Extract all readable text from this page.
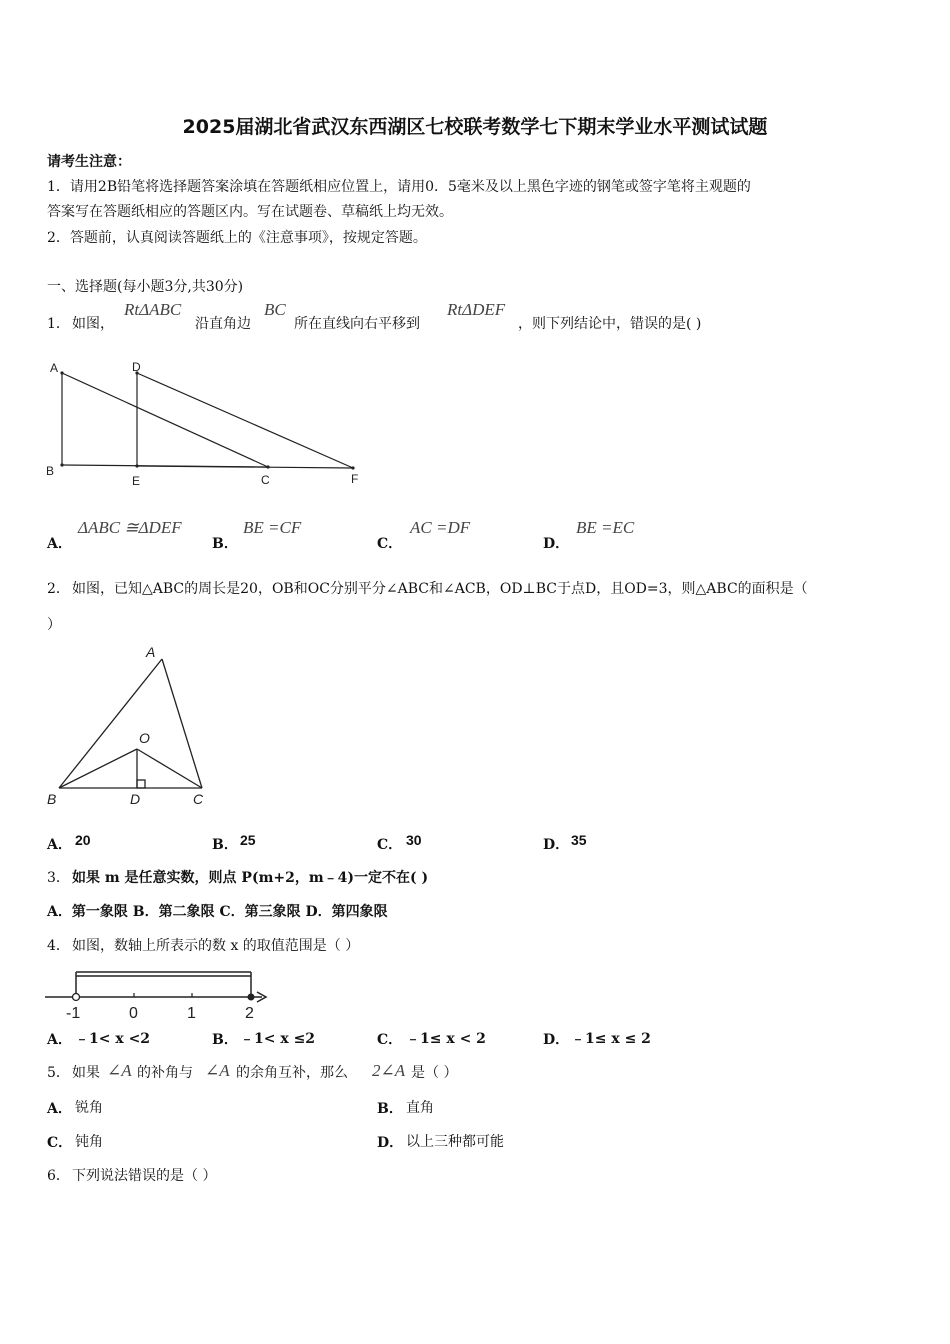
2025届湖北省武汉东西湖区七校联考数学七下期末学业水平测试试题
请考生注意：
1．请用2B铅笔将选择题答案涂填在答题纸相应位置上，请用0．5毫米及以上黑色字迹的钢笔或签字笔将主观题的
答案写在答题纸相应的答题区内。写在试题卷、草稿纸上均无效。
2．答题前，认真阅读答题纸上的《注意事项》，按规定答题。
一、选择题(每小题3分,共30分)
1． 如图，
RtΔABC
沿直角边
BC
所在直线向右平移到
RtΔDEF
，则下列结论中，错误的是( )
A	D
B
E	C	F
A．
ΔABC ≅ΔDEF
B．
BE =CF
C．
AC =DF
D．
BE =EC
2． 如图，已知△ABC的周长是20，OB和OC分别平分∠ABC和∠ACB，OD⊥BC于点D，且OD=3，则△ABC的面积是（
）
A
O
B	D	C
A． 20	B． 25	C． 30	D． 35
3． 如果 m 是任意实数，则点 P(m+2，m﹣4)一定不在( )
A．第一象限 B．第二象限 C．第三象限 D．第四象限
4． 如图，数轴上所表示的数 x 的取值范围是（ ）
-1	0	1	2
A． ﹣1< x <2	B． ﹣1< x ≤2	C． ﹣1≤ x < 2	D． ﹣1≤ x ≤ 2
5． 如果 ∠A 的补角与 ∠A 的余角互补，那么 2∠A 是（ ）
A． 锐角	B． 直角
C． 钝角	D． 以上三种都可能
6． 下列说法错误的是（ ）
